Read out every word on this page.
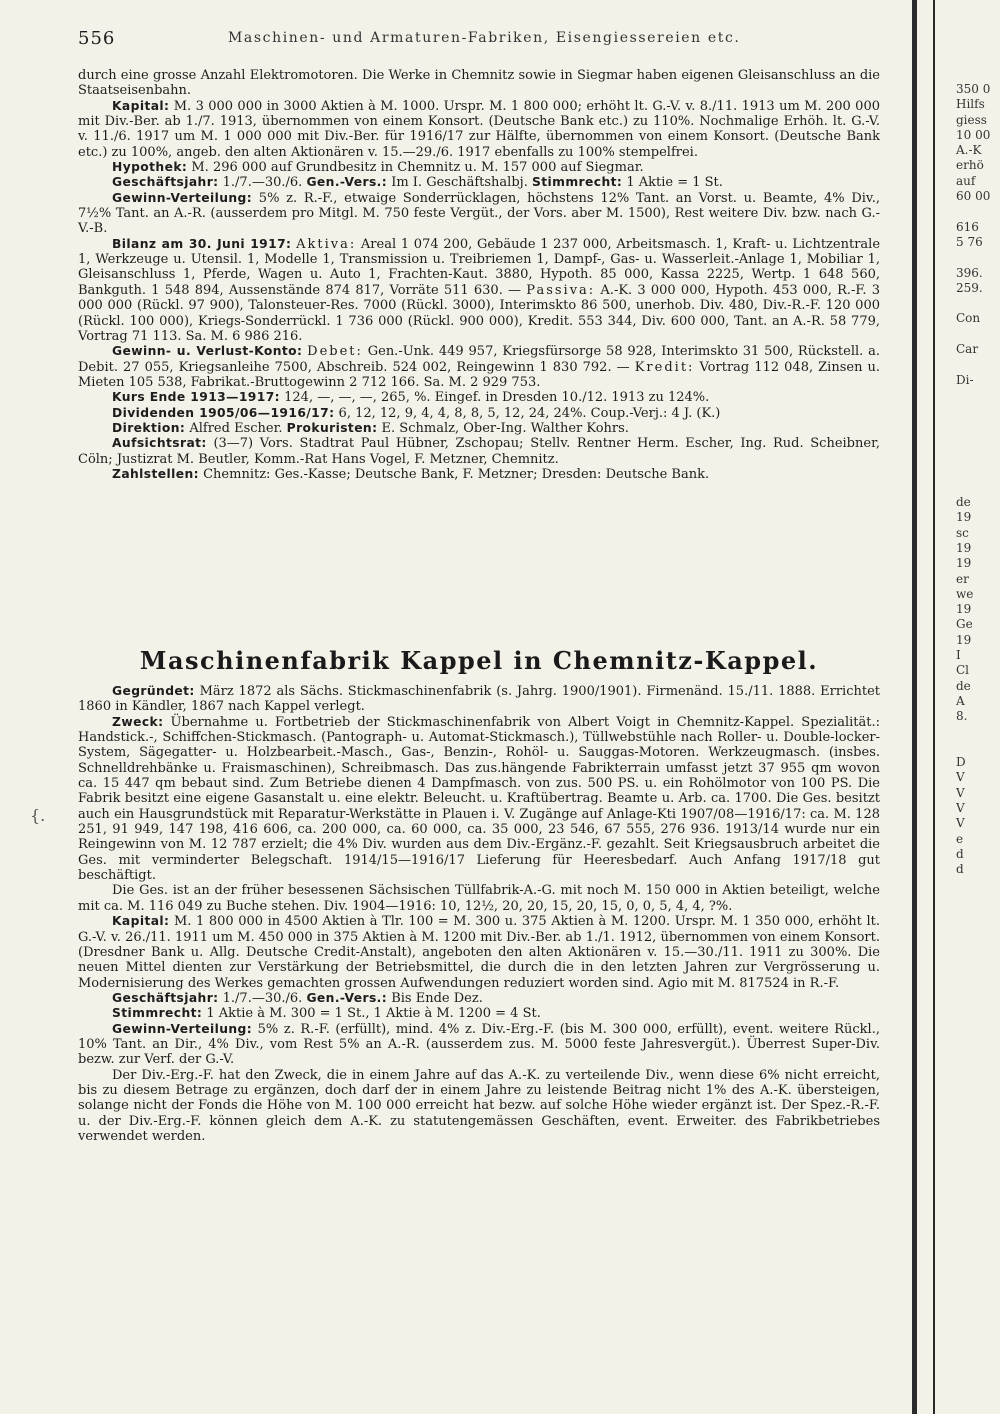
556	Maschinen- und Armaturen-Fabriken, Eisengiessereien etc.

durch eine grosse Anzahl Elektromotoren. Die Werke in Chemnitz sowie in Siegmar haben eigenen Gleisanschluss an die Staatseisenbahn.

Kapital: M. 3 000 000 in 3000 Aktien à M. 1000. Urspr. M. 1 800 000; erhöht lt. G.-V. v. 8./11. 1913 um M. 200 000 mit Div.-Ber. ab 1./7. 1913, übernommen von einem Konsort. (Deutsche Bank etc.) zu 110%. Nochmalige Erhöh. lt. G.-V. v. 11./6. 1917 um M. 1 000 000 mit Div.-Ber. für 1916/17 zur Hälfte, übernommen von einem Konsort. (Deutsche Bank etc.) zu 100%, angeb. den alten Aktionären v. 15.—29./6. 1917 ebenfalls zu 100% stempelfrei.

Hypothek: M. 296 000 auf Grundbesitz in Chemnitz u. M. 157 000 auf Siegmar.

Geschäftsjahr: 1./7.—30./6. Gen.-Vers.: Im I. Geschäftshalbj. Stimmrecht: 1 Aktie = 1 St.

Gewinn-Verteilung: 5% z. R.-F., etwaige Sonderrücklagen, höchstens 12% Tant. an Vorst. u. Beamte, 4% Div., 7½% Tant. an A.-R. (ausserdem pro Mitgl. M. 750 feste Vergüt., der Vors. aber M. 1500), Rest weitere Div. bzw. nach G.-V.-B.

Bilanz am 30. Juni 1917: Aktiva: Areal 1 074 200, Gebäude 1 237 000, Arbeitsmasch. 1, Kraft- u. Lichtzentrale 1, Werkzeuge u. Utensil. 1, Modelle 1, Transmission u. Treibriemen 1, Dampf-, Gas- u. Wasserleit.-Anlage 1, Mobiliar 1, Gleisanschluss 1, Pferde, Wagen u. Auto 1, Frachten-Kaut. 3880, Hypoth. 85 000, Kassa 2225, Wertp. 1 648 560, Bankguth. 1 548 894, Aussenstände 874 817, Vorräte 511 630. — Passiva: A.-K. 3 000 000, Hypoth. 453 000, R.-F. 3 000 000 (Rückl. 97 900), Talonsteuer-Res. 7000 (Rückl. 3000), Interimskto 86 500, unerhob. Div. 480, Div.-R.-F. 120 000 (Rückl. 100 000), Kriegs-Sonderrückl. 1 736 000 (Rückl. 900 000), Kredit. 553 344, Div. 600 000, Tant. an A.-R. 58 779, Vortrag 71 113. Sa. M. 6 986 216.

Gewinn- u. Verlust-Konto: Debet: Gen.-Unk. 449 957, Kriegsfürsorge 58 928, Interimskto 31 500, Rückstell. a. Debit. 27 055, Kriegsanleihe 7500, Abschreib. 524 002, Reingewinn 1 830 792. — Kredit: Vortrag 112 048, Zinsen u. Mieten 105 538, Fabrikat.-Bruttogewinn 2 712 166. Sa. M. 2 929 753.

Kurs Ende 1913—1917: 124, —, —, —, 265, %. Eingef. in Dresden 10./12. 1913 zu 124%.

Dividenden 1905/06—1916/17: 6, 12, 12, 9, 4, 4, 8, 8, 5, 12, 24, 24%. Coup.-Verj.: 4 J. (K.)

Direktion: Alfred Escher. Prokuristen: E. Schmalz, Ober-Ing. Walther Kohrs.

Aufsichtsrat: (3—7) Vors. Stadtrat Paul Hübner, Zschopau; Stellv. Rentner Herm. Escher, Ing. Rud. Scheibner, Cöln; Justizrat M. Beutler, Komm.-Rat Hans Vogel, F. Metzner, Chemnitz.

Zahlstellen: Chemnitz: Ges.-Kasse; Deutsche Bank, F. Metzner; Dresden: Deutsche Bank.

Maschinenfabrik Kappel in Chemnitz-Kappel.

Gegründet: März 1872 als Sächs. Stickmaschinenfabrik (s. Jahrg. 1900/1901). Firmenänd. 15./11. 1888. Errichtet 1860 in Kändler, 1867 nach Kappel verlegt.

Zweck: Übernahme u. Fortbetrieb der Stickmaschinenfabrik von Albert Voigt in Chemnitz-Kappel. Spezialität.: Handstick.-, Schiffchen-Stickmasch. (Pantograph- u. Automat-Stickmasch.), Tüllwebstühle nach Roller- u. Double-locker-System, Sägegatter- u. Holzbearbeit.-Masch., Gas-, Benzin-, Rohöl- u. Sauggas-Motoren. Werkzeugmasch. (insbes. Schnelldrehbänke u. Fraismaschinen), Schreibmasch. Das zus.hängende Fabrikterrain umfasst jetzt 37 955 qm wovon ca. 15 447 qm bebaut sind. Zum Betriebe dienen 4 Dampfmasch. von zus. 500 PS. u. ein Rohölmotor von 100 PS. Die Fabrik besitzt eine eigene Gasanstalt u. eine elektr. Beleucht. u. Kraftübertrag. Beamte u. Arb. ca. 1700. Die Ges. besitzt auch ein Hausgrundstück mit Reparatur-Werkstätte in Plauen i. V. Zugänge auf Anlage-Kti 1907/08—1916/17: ca. M. 128 251, 91 949, 147 198, 416 606, ca. 200 000, ca. 60 000, ca. 35 000, 23 546, 67 555, 276 936. 1913/14 wurde nur ein Reingewinn von M. 12 787 erzielt; die 4% Div. wurden aus dem Div.-Ergänz.-F. gezahlt. Seit Kriegsausbruch arbeitet die Ges. mit verminderter Belegschaft. 1914/15—1916/17 Lieferung für Heeresbedarf. Auch Anfang 1917/18 gut beschäftigt.

Die Ges. ist an der früher besessenen Sächsischen Tüllfabrik-A.-G. mit noch M. 150 000 in Aktien beteiligt, welche mit ca. M. 116 049 zu Buche stehen. Div. 1904—1916: 10, 12½, 20, 20, 15, 20, 15, 0, 0, 5, 4, 4, ?%.

Kapital: M. 1 800 000 in 4500 Aktien à Tlr. 100 = M. 300 u. 375 Aktien à M. 1200. Urspr. M. 1 350 000, erhöht lt. G.-V. v. 26./11. 1911 um M. 450 000 in 375 Aktien à M. 1200 mit Div.-Ber. ab 1./1. 1912, übernommen von einem Konsort. (Dresdner Bank u. Allg. Deutsche Credit-Anstalt), angeboten den alten Aktionären v. 15.—30./11. 1911 zu 300%. Die neuen Mittel dienten zur Verstärkung der Betriebsmittel, die durch die in den letzten Jahren zur Vergrösserung u. Modernisierung des Werkes gemachten grossen Aufwendungen reduziert worden sind. Agio mit M. 817524 in R.-F.

Geschäftsjahr: 1./7.—30./6. Gen.-Vers.: Bis Ende Dez.

Stimmrecht: 1 Aktie à M. 300 = 1 St., 1 Aktie à M. 1200 = 4 St.

Gewinn-Verteilung: 5% z. R.-F. (erfüllt), mind. 4% z. Div.-Erg.-F. (bis M. 300 000, erfüllt), event. weitere Rückl., 10% Tant. an Dir., 4% Div., vom Rest 5% an A.-R. (ausserdem zus. M. 5000 feste Jahresvergüt.). Überrest Super-Div. bezw. zur Verf. der G.-V.

Der Div.-Erg.-F. hat den Zweck, die in einem Jahre auf das A.-K. zu verteilende Div., wenn diese 6% nicht erreicht, bis zu diesem Betrage zu ergänzen, doch darf der in einem Jahre zu leistende Beitrag nicht 1% des A.-K. übersteigen, solange nicht der Fonds die Höhe von M. 100 000 erreicht hat bezw. auf solche Höhe wieder ergänzt ist. Der Spez.-R.-F. u. der Div.-Erg.-F. können gleich dem A.-K. zu statutengemässen Geschäften, event. Erweiter. des Fabrikbetriebes verwendet werden.

{.
350 0
Hilfs
giess
10 00
A.-K
erhö
auf
60 00
616
5 76
396.
259.
Con
Car
Di-
de
19
sc
19
19
er
we
19
Ge
19
I
Cl
de
A
8.
D
V
V
V
V
e
d
d
